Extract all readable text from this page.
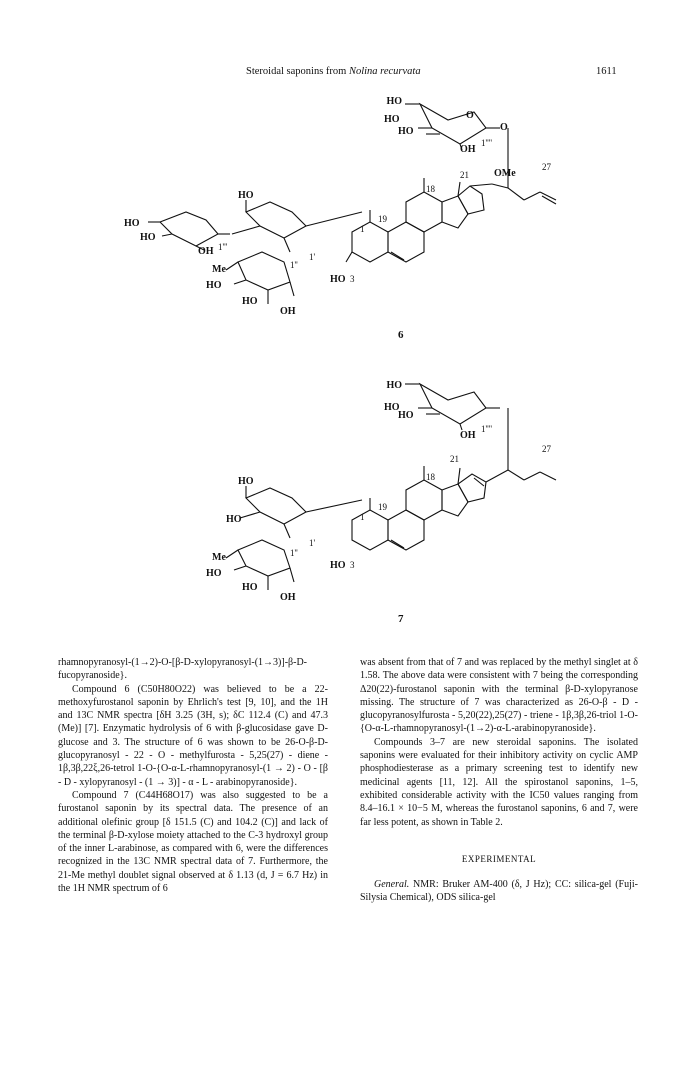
Steroidal saponins from Nolina recurvata	1611
HO
HO
HO
OH
O
O
1''''
27
21	OMe
18
19
1
3
HO
HO
1'
HO
HO
OH 1'''
1''
Me
HO
HO
OH
6
HO
HO
HO
OH
1''''
27
21
18
19
1
3
HO
HO
HO
1'
1''
Me
HO
HO
OH
7

rhamnopyranosyl-(1→2)-O-[β-D-xylopyranosyl-(1→3)]-β-D-fucopyranoside}.

Compound 6 (C50H80O22) was believed to be a 22-methoxyfurostanol saponin by Ehrlich's test [9, 10], and the 1H and 13C NMR spectra [δH 3.25 (3H, s); δC 112.4 (C) and 47.3 (Me)] [7]. Enzymatic hydrolysis of 6 with β-glucosidase gave D-glucose and 3. The structure of 6 was shown to be 26-O-β-D-glucopyranosyl - 22 - O - methylfurosta - 5,25(27) - diene - 1β,3β,22ξ,26-tetrol 1-O-{O-α-L-rhamnopyranosyl-(1 → 2) - O - [β - D - xylopyranosyl - (1 → 3)] - α - L - arabinopyranoside}.

Compound 7 (C44H68O17) was also suggested to be a furostanol saponin by its spectral data. The presence of an additional olefinic group [δ 151.5 (C) and 104.2 (C)] and lack of the terminal β-D-xylose moiety attached to the C-3 hydroxyl group of the inner L-arabinose, as compared with 6, were the differences recognized in the 13C NMR spectral data of 7. Furthermore, the 21-Me methyl doublet signal observed at δ 1.13 (d, J = 6.7 Hz) in the 1H NMR spectrum of 6

was absent from that of 7 and was replaced by the methyl singlet at δ 1.58. The above data were consistent with 7 being the corresponding Δ20(22)-furostanol saponin with the terminal β-D-xylopyranose missing. The structure of 7 was characterized as 26-O-β - D - glucopyranosylfurosta - 5,20(22),25(27) - triene - 1β,3β,26-triol 1-O-{O-α-L-rhamnopyranosyl-(1→2)-α-L-arabinopyranoside}.

Compounds 3–7 are new steroidal saponins. The isolated saponins were evaluated for their inhibitory activity on cyclic AMP phosphodiesterase as a primary screening test to identify new medicinal agents [11, 12]. All the spirostanol saponins, 1–5, exhibited considerable activity with the IC50 values ranging from 8.4–16.1 × 10−5 M, whereas the furostanol saponins, 6 and 7, were far less potent, as shown in Table 2.

EXPERIMENTAL

General. NMR: Bruker AM-400 (δ, J Hz); CC: silica-gel (Fuji-Silysia Chemical), ODS silica-gel
